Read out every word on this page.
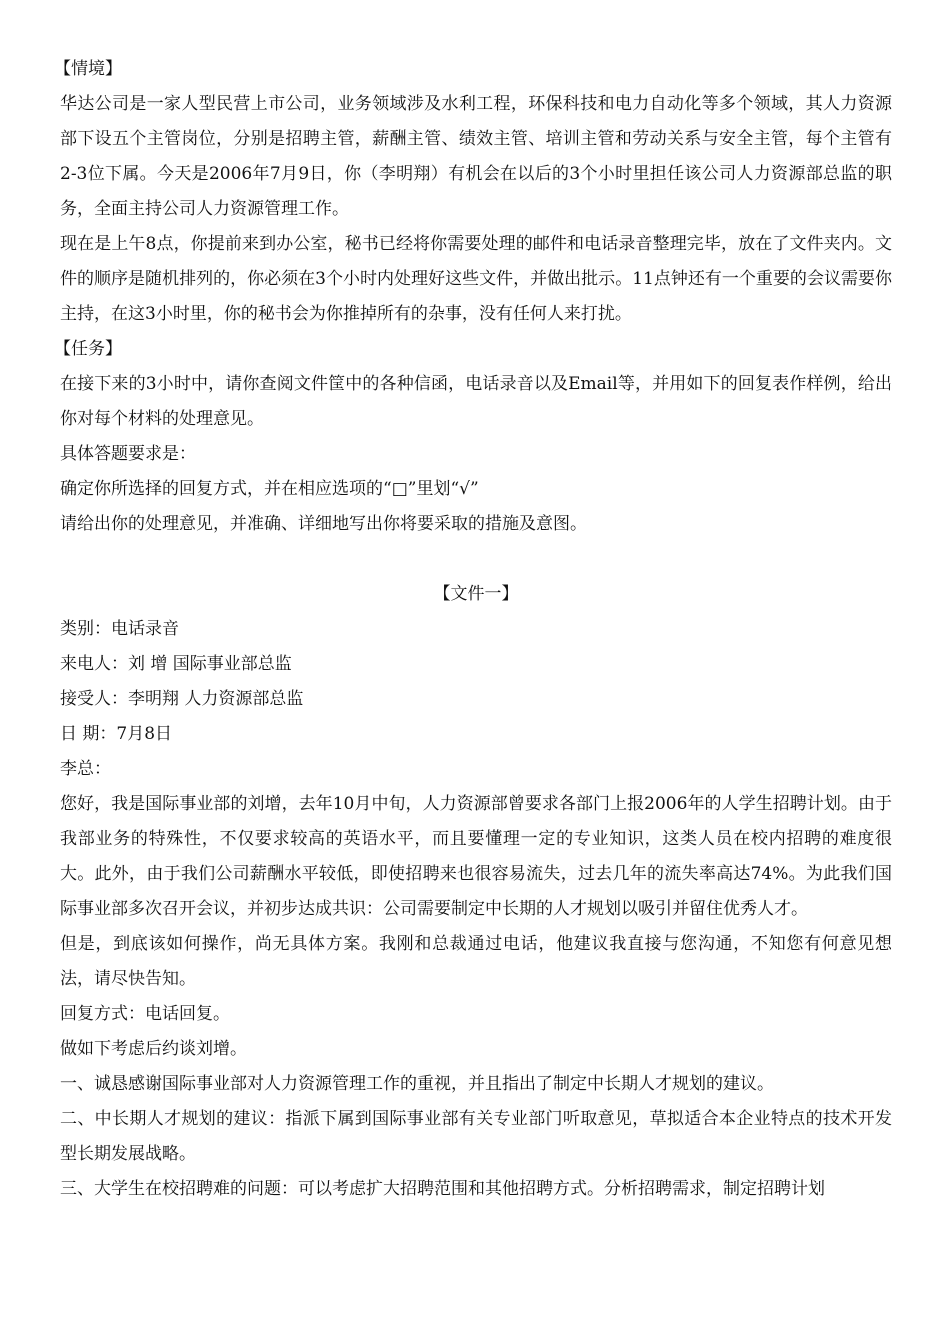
【情境】

华达公司是一家人型民营上市公司，业务领域涉及水利工程，环保科技和电力自动化等多个领域，其人力资源部下设五个主管岗位，分别是招聘主管，薪酬主管、绩效主管、培训主管和劳动关系与安全主管，每个主管有2-3位下属。今天是2006年7月9日，你（李明翔）有机会在以后的3个小时里担任该公司人力资源部总监的职务，全面主持公司人力资源管理工作。

现在是上午8点，你提前来到办公室，秘书已经将你需要处理的邮件和电话录音整理完毕，放在了文件夹内。文件的顺序是随机排列的，你必须在3个小时内处理好这些文件，并做出批示。11点钟还有一个重要的会议需要你主持，在这3小时里，你的秘书会为你推掉所有的杂事，没有任何人来打扰。

【任务】

在接下来的3小时中，请你查阅文件筐中的各种信函，电话录音以及Email等，并用如下的回复表作样例，给出你对每个材料的处理意见。

具体答题要求是：

确定你所选择的回复方式，并在相应选项的“□”里划“√”

请给出你的处理意见，并准确、详细地写出你将要采取的措施及意图。

【文件一】

类别：电话录音

来电人：刘 增 国际事业部总监

接受人：李明翔 人力资源部总监

日 期：7月8日

李总：

您好，我是国际事业部的刘增，去年10月中旬，人力资源部曾要求各部门上报2006年的人学生招聘计划。由于我部业务的特殊性，不仅要求较高的英语水平，而且要懂理一定的专业知识，这类人员在校内招聘的难度很大。此外，由于我们公司薪酬水平较低，即使招聘来也很容易流失，过去几年的流失率高达74%。为此我们国际事业部多次召开会议，并初步达成共识：公司需要制定中长期的人才规划以吸引并留住优秀人才。

但是，到底该如何操作，尚无具体方案。我刚和总裁通过电话，他建议我直接与您沟通，不知您有何意见想法，请尽快告知。

回复方式：电话回复。

做如下考虑后约谈刘增。

一、诚恳感谢国际事业部对人力资源管理工作的重视，并且指出了制定中长期人才规划的建议。

二、中长期人才规划的建议：指派下属到国际事业部有关专业部门听取意见，草拟适合本企业特点的技术开发型长期发展战略。

三、大学生在校招聘难的问题：可以考虑扩大招聘范围和其他招聘方式。分析招聘需求，制定招聘计划
